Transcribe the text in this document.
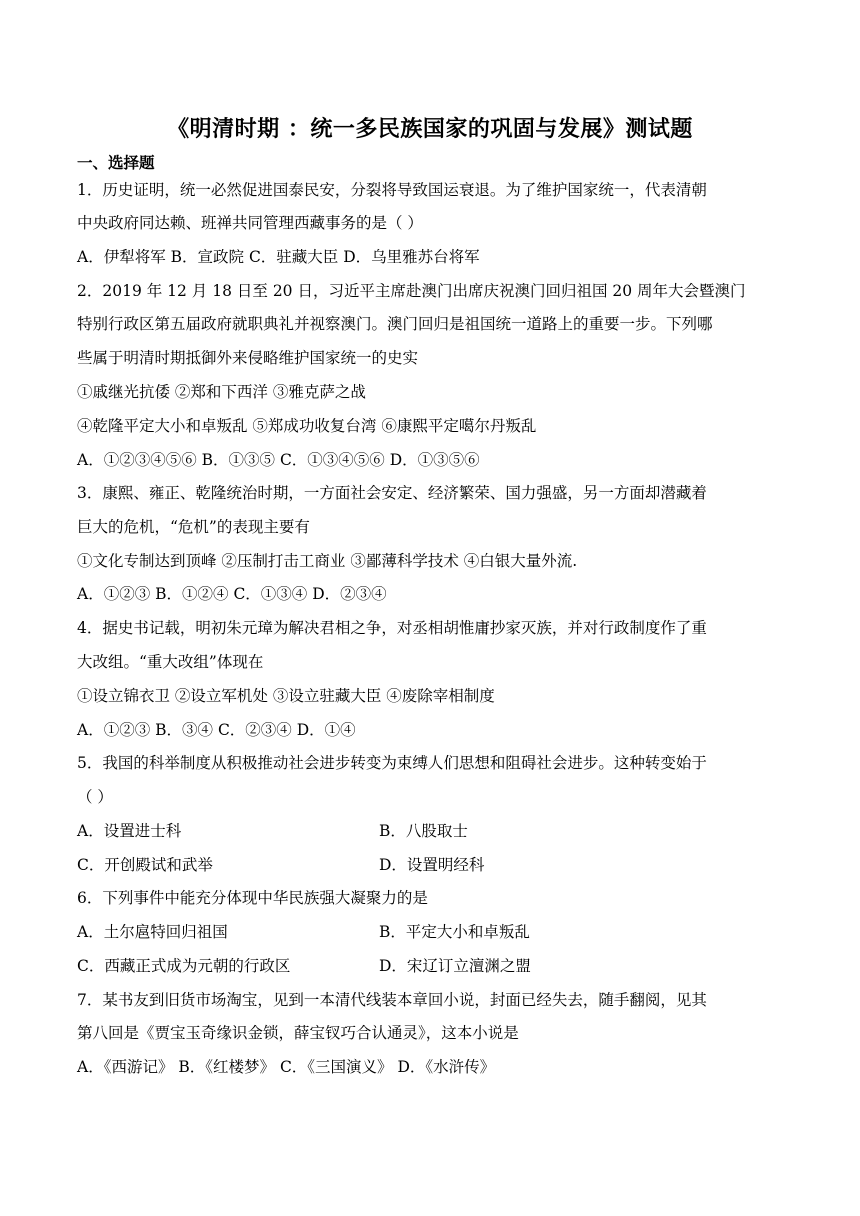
《明清时期 ：统一多民族国家的巩固与发展》测试题
一、选择题
1．历史证明，统一必然促进国泰民安，分裂将导致国运衰退。为了维护国家统一，代表清朝
中央政府同达赖、班禅共同管理西藏事务的是（ ）
A．伊犁将军 B．宣政院 C．驻藏大臣 D．乌里雅苏台将军
2．2019 年 12 月 18 日至 20 日，习近平主席赴澳门出席庆祝澳门回归祖国 20 周年大会暨澳门
特别行政区第五届政府就职典礼并视察澳门。澳门回归是祖国统一道路上的重要一步。下列哪
些属于明清时期抵御外来侵略维护国家统一的史实
①戚继光抗倭 ②郑和下西洋 ③雅克萨之战
④乾隆平定大小和卓叛乱 ⑤郑成功收复台湾 ⑥康熙平定噶尔丹叛乱
A．①②③④⑤⑥ B．①③⑤ C．①③④⑤⑥ D．①③⑤⑥
3．康熙、雍正、乾隆统治时期，一方面社会安定、经济繁荣、国力强盛，另一方面却潜藏着
巨大的危机，“危机”的表现主要有
①文化专制达到顶峰 ②压制打击工商业 ③鄙薄科学技术 ④白银大量外流.
A．①②③ B．①②④ C．①③④ D．②③④
4．据史书记载，明初朱元璋为解决君相之争，对丞相胡惟庸抄家灭族，并对行政制度作了重
大改组。“重大改组”体现在
①设立锦衣卫 ②设立军机处 ③设立驻藏大臣 ④废除宰相制度
A．①②③ B．③④ C．②③④ D．①④
5．我国的科举制度从积极推动社会进步转变为束缚人们思想和阻碍社会进步。这种转变始于
（ ）
A．设置进士科	B．八股取士
C．开创殿试和武举	D．设置明经科
6．下列事件中能充分体现中华民族强大凝聚力的是
A．土尔扈特回归祖国	B．平定大小和卓叛乱
C．西藏正式成为元朝的行政区	D．宋辽订立澶渊之盟
7．某书友到旧货市场淘宝，见到一本清代线装本章回小说，封面已经失去，随手翻阅，见其
第八回是《贾宝玉奇缘识金锁，薛宝钗巧合认通灵》，这本小说是
A．《西游记》 B．《红楼梦》 C．《三国演义》 D．《水浒传》
